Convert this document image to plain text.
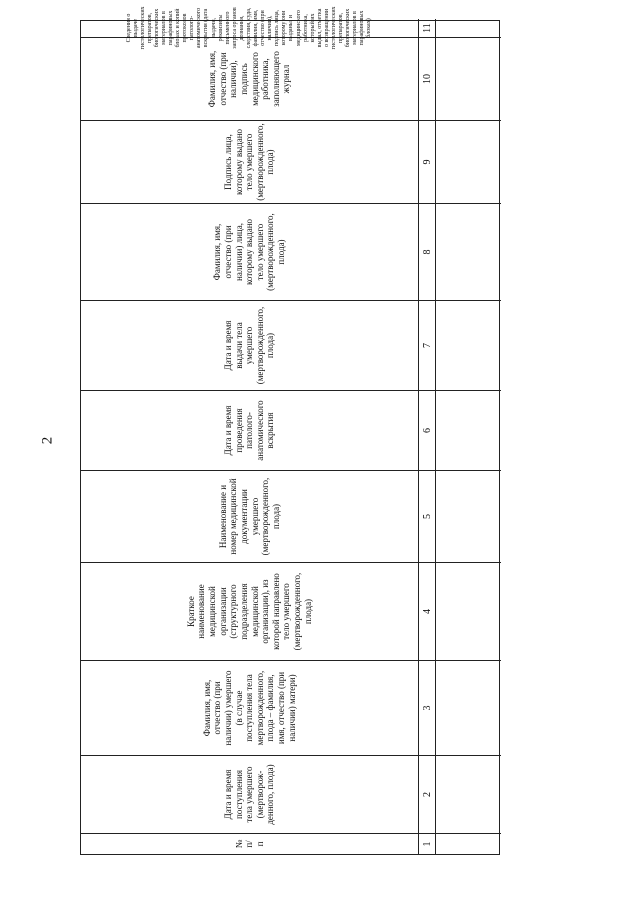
2
№ п/п
Дата и время поступления тела умершего (мертворож-денного, плода)
Фамилия, имя, отчество (при наличии) умершего (в случае поступления тела мертворожденного, плода – фамилия, имя, отчество (при наличии) матери)
Краткое наименование медицинской организации (структурного подразделения медицинской организации), из которой направлено тело умершего (мертворожденного, плода)
Наименование и номер медицинской документации умершего (мертворожденного, плода)
Дата и время проведения патолого-анатомического вскрытия
Дата и время выдачи тела умершего (мертворожденного, плода)
Фамилия, имя, отчество (при наличии) лица, которому выдано тело умершего (мертворожденного, плода)
Подпись лица, которому выдано тело умершего (мертворожденного, плода)
Фамилия, имя, отчество (при наличии), подпись медицинского работника, заполняющего журнал
Сведения о выдаче гистологических препаратов, биологических материалов в парафиновых блоках и копий протоколов патолого-анатомического вскрытия (дата выдачи, реквизиты письменного запроса органов дознания, следствия, суда, фамилия, имя, отчество (при наличии), подпись лица, которому они выданы, и медицинского работника, который их выдал, отметка о возвращении гистологических препаратов, биологических материалов в парафиновых блоках)
1
2
3
4
5
6
7
8
9
10
11
